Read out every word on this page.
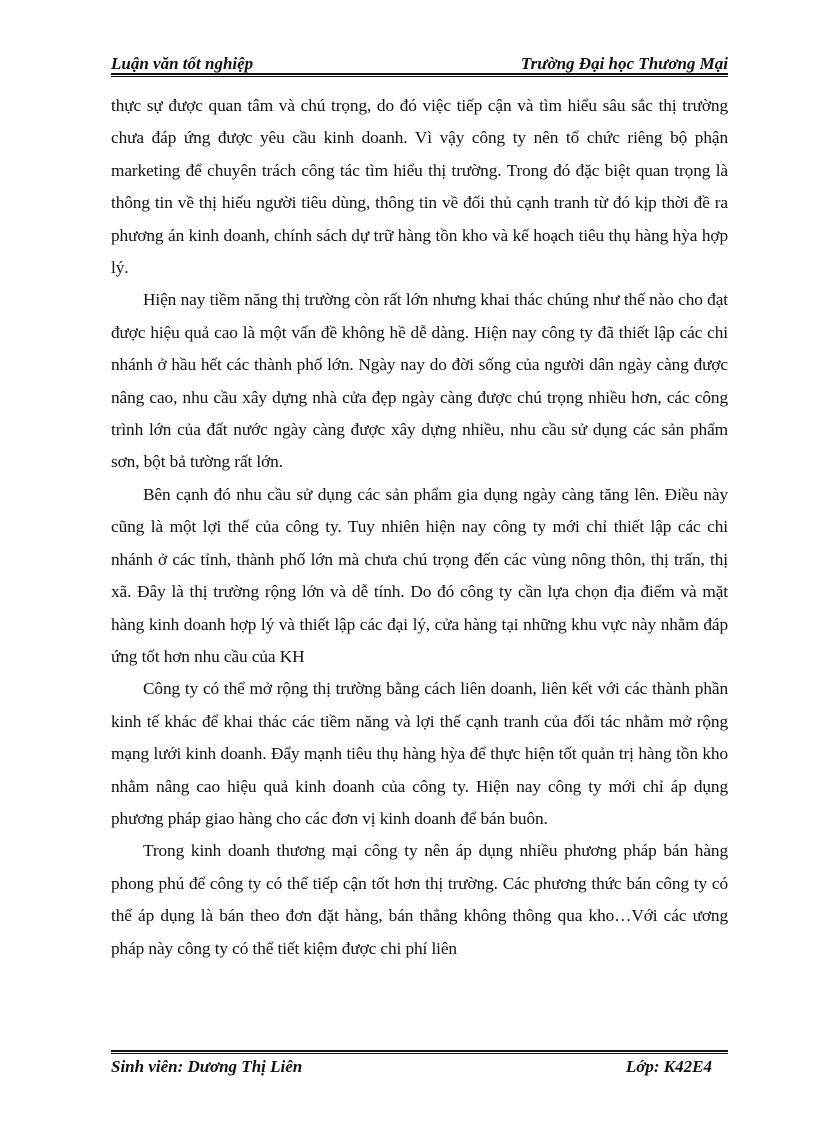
Luận văn tốt nghiệp	Trường Đại học Thương Mại

thực sự được quan tâm và chú trọng, do đó việc tiếp cận và tìm hiểu sâu sắc thị trường chưa đáp ứng được yêu cầu kinh doanh. Vì vậy công ty nên tổ chức riêng bộ phận marketing để chuyên trách công tác tìm hiểu thị trường. Trong đó đặc biệt quan trọng là thông tin về thị hiếu người tiêu dùng, thông tin về đối thủ cạnh tranh từ đó kịp thời đề ra phương án kinh doanh, chính sách dự trữ hàng tồn kho và kế hoạch tiêu thụ hàng hỳa hợp lý.

Hiện nay tiềm năng thị trường còn rất lớn nhưng khai thác chúng như thế nào cho đạt được hiệu quả cao là một vấn đề không hề dễ dàng. Hiện nay công ty đã thiết lập các chi nhánh ở hầu hết các thành phố lớn. Ngày nay do đời sống của người dân ngày càng được nâng cao, nhu cầu xây dựng nhà cửa đẹp ngày càng được chú trọng nhiều hơn, các công trình lớn của đất nước ngày càng được xây dựng nhiều, nhu cầu sử dụng các sản phẩm sơn, bột bả tường rất lớn.

Bên cạnh đó nhu cầu sử dụng các sản phẩm gia dụng ngày càng tăng lên. Điều này cũng là một lợi thế của công ty. Tuy nhiên hiện nay công ty mới chỉ thiết lập các chi nhánh ở các tỉnh, thành phố lớn mà chưa chú trọng đến các vùng nông thôn, thị trấn, thị xã. Đây là thị trường rộng lớn và dễ tính. Do đó công ty cần lựa chọn địa điểm và mặt hàng kinh doanh hợp lý và thiết lập các đại lý, cửa hàng tại những khu vực này nhằm đáp ứng tốt hơn nhu cầu của KH

Công ty có thể mở rộng thị trường bằng cách liên doanh, liên kết với các thành phần kinh tế khác để khai thác các tiềm năng và lợi thế cạnh tranh của đối tác nhằm mở rộng mạng lưới kinh doanh. Đẩy mạnh tiêu thụ hàng hỳa để thực hiện tốt quản trị hàng tồn kho nhằm nâng cao hiệu quả kinh doanh của công ty. Hiện nay công ty mới chỉ áp dụng phương pháp giao hàng cho các đơn vị kinh doanh để bán buôn.

Trong kinh doanh thương mại công ty nên áp dụng nhiều phương pháp bán hàng phong phú để công ty có thể tiếp cận tốt hơn thị trường. Các phương thức bán công ty có thể áp dụng là bán theo đơn đặt hàng, bán thẳng không thông qua kho…Với các ương pháp này công ty có thể tiết kiệm được chi phí liên

Sinh viên: Dương Thị Liên	Lớp: K42E4
